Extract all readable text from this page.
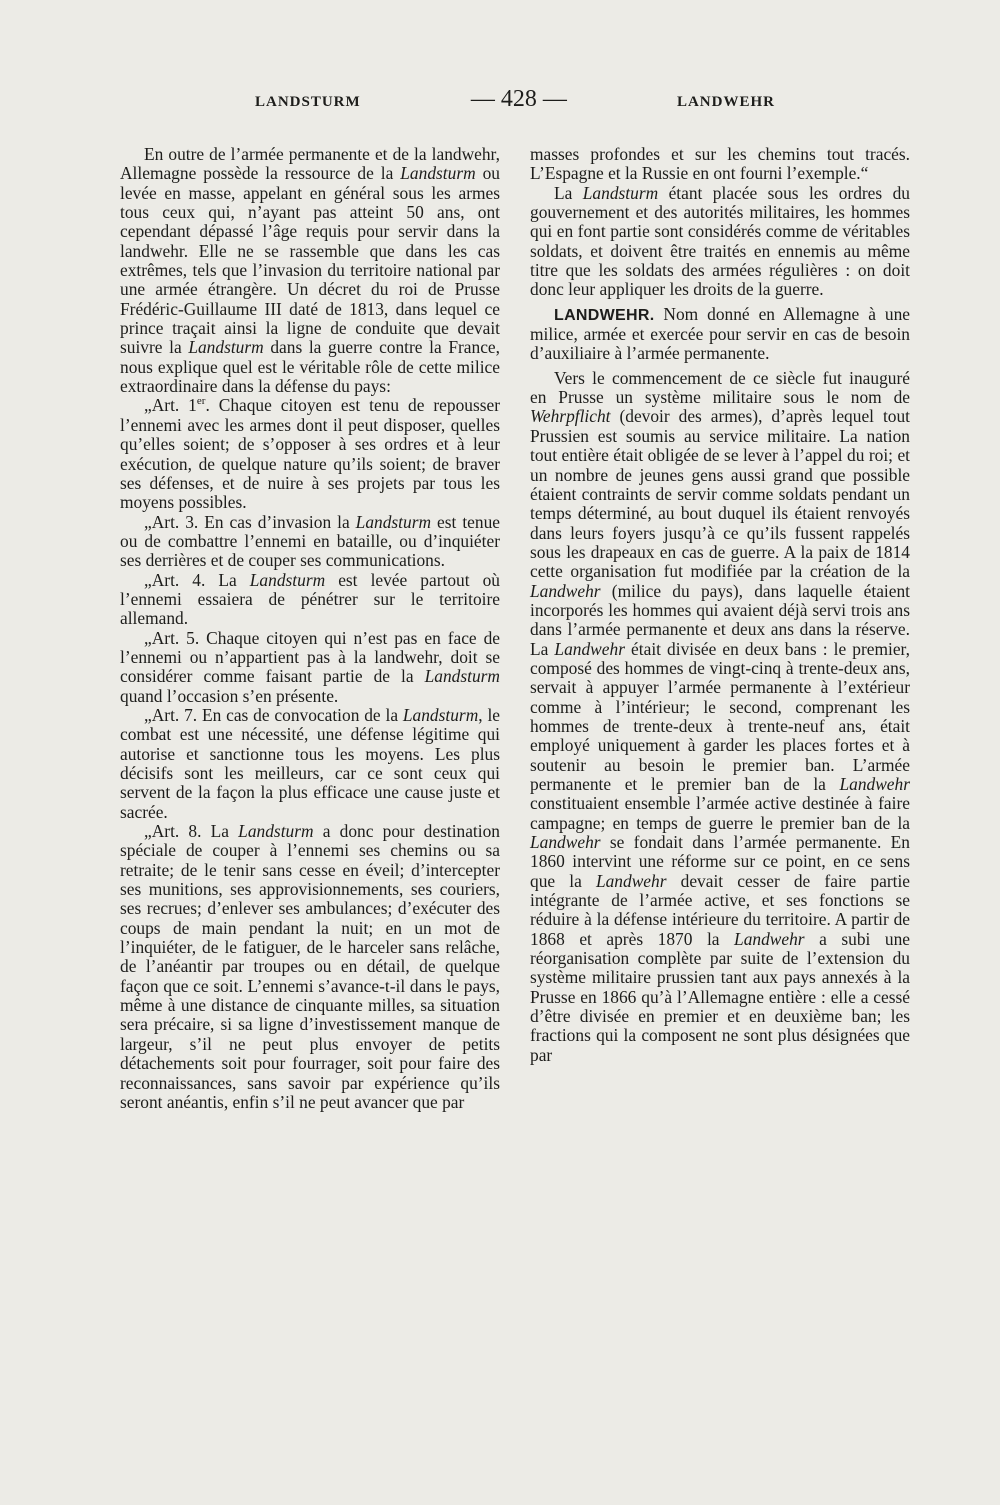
LANDSTURM	— 428 —	LANDWEHR

En outre de l’armée permanente et de la landwehr, Allemagne possède la ressource de la Landsturm ou levée en masse, appelant en général sous les armes tous ceux qui, n’ayant pas atteint 50 ans, ont cependant dépassé l’âge requis pour servir dans la landwehr. Elle ne se rassemble que dans les cas extrêmes, tels que l’invasion du territoire national par une armée étrangère. Un décret du roi de Prusse Frédéric-Guillaume III daté de 1813, dans lequel ce prince traçait ainsi la ligne de conduite que devait suivre la Landsturm dans la guerre contre la France, nous explique quel est le véritable rôle de cette milice extraordinaire dans la défense du pays:

„Art. 1er. Chaque citoyen est tenu de repousser l’ennemi avec les armes dont il peut disposer, quelles qu’elles soient; de s’opposer à ses ordres et à leur exécution, de quelque nature qu’ils soient; de braver ses défenses, et de nuire à ses projets par tous les moyens possibles.

„Art. 3. En cas d’invasion la Landsturm est tenue ou de combattre l’ennemi en bataille, ou d’inquiéter ses derrières et de couper ses communications.

„Art. 4. La Landsturm est levée partout où l’ennemi essaiera de pénétrer sur le territoire allemand.

„Art. 5. Chaque citoyen qui n’est pas en face de l’ennemi ou n’appartient pas à la landwehr, doit se considérer comme faisant partie de la Landsturm quand l’occasion s’en présente.

„Art. 7. En cas de convocation de la Landsturm, le combat est une nécessité, une défense légitime qui autorise et sanctionne tous les moyens. Les plus décisifs sont les meilleurs, car ce sont ceux qui servent de la façon la plus efficace une cause juste et sacrée.

„Art. 8. La Landsturm a donc pour destination spéciale de couper à l’ennemi ses chemins ou sa retraite; de le tenir sans cesse en éveil; d’intercepter ses munitions, ses approvisionnements, ses couriers, ses recrues; d’enlever ses ambulances; d’exécuter des coups de main pendant la nuit; en un mot de l’inquiéter, de le fatiguer, de le harceler sans relâche, de l’anéantir par troupes ou en détail, de quelque façon que ce soit. L’ennemi s’avance-t-il dans le pays, même à une distance de cinquante milles, sa situation sera précaire, si sa ligne d’investissement manque de largeur, s’il ne peut plus envoyer de petits détachements soit pour fourrager, soit pour faire des reconnaissances, sans savoir par expérience qu’ils seront anéantis, enfin s’il ne peut avancer que par

masses profondes et sur les chemins tout tracés. L’Espagne et la Russie en ont fourni l’exemple.“

La Landsturm étant placée sous les ordres du gouvernement et des autorités militaires, les hommes qui en font partie sont considérés comme de véritables soldats, et doivent être traités en ennemis au même titre que les soldats des armées régulières : on doit donc leur appliquer les droits de la guerre.

LANDWEHR. Nom donné en Allemagne à une milice, armée et exercée pour servir en cas de besoin d’auxiliaire à l’armée permanente.

Vers le commencement de ce siècle fut inauguré en Prusse un système militaire sous le nom de Wehrpflicht (devoir des armes), d’après lequel tout Prussien est soumis au service militaire. La nation tout entière était obligée de se lever à l’appel du roi; et un nombre de jeunes gens aussi grand que possible étaient contraints de servir comme soldats pendant un temps déterminé, au bout duquel ils étaient renvoyés dans leurs foyers jusqu’à ce qu’ils fussent rappelés sous les drapeaux en cas de guerre. A la paix de 1814 cette organisation fut modifiée par la création de la Landwehr (milice du pays), dans laquelle étaient incorporés les hommes qui avaient déjà servi trois ans dans l’armée permanente et deux ans dans la réserve. La Landwehr était divisée en deux bans : le premier, composé des hommes de vingt-cinq à trente-deux ans, servait à appuyer l’armée permanente à l’extérieur comme à l’intérieur; le second, comprenant les hommes de trente-deux à trente-neuf ans, était employé uniquement à garder les places fortes et à soutenir au besoin le premier ban. L’armée permanente et le premier ban de la Landwehr constituaient ensemble l’armée active destinée à faire campagne; en temps de guerre le premier ban de la Landwehr se fondait dans l’armée permanente. En 1860 intervint une réforme sur ce point, en ce sens que la Landwehr devait cesser de faire partie intégrante de l’armée active, et ses fonctions se réduire à la défense intérieure du territoire. A partir de 1868 et après 1870 la Landwehr a subi une réorganisation complète par suite de l’extension du système militaire prussien tant aux pays annexés à la Prusse en 1866 qu’à l’Allemagne entière : elle a cessé d’être divisée en premier et en deuxième ban; les fractions qui la composent ne sont plus désignées que par
